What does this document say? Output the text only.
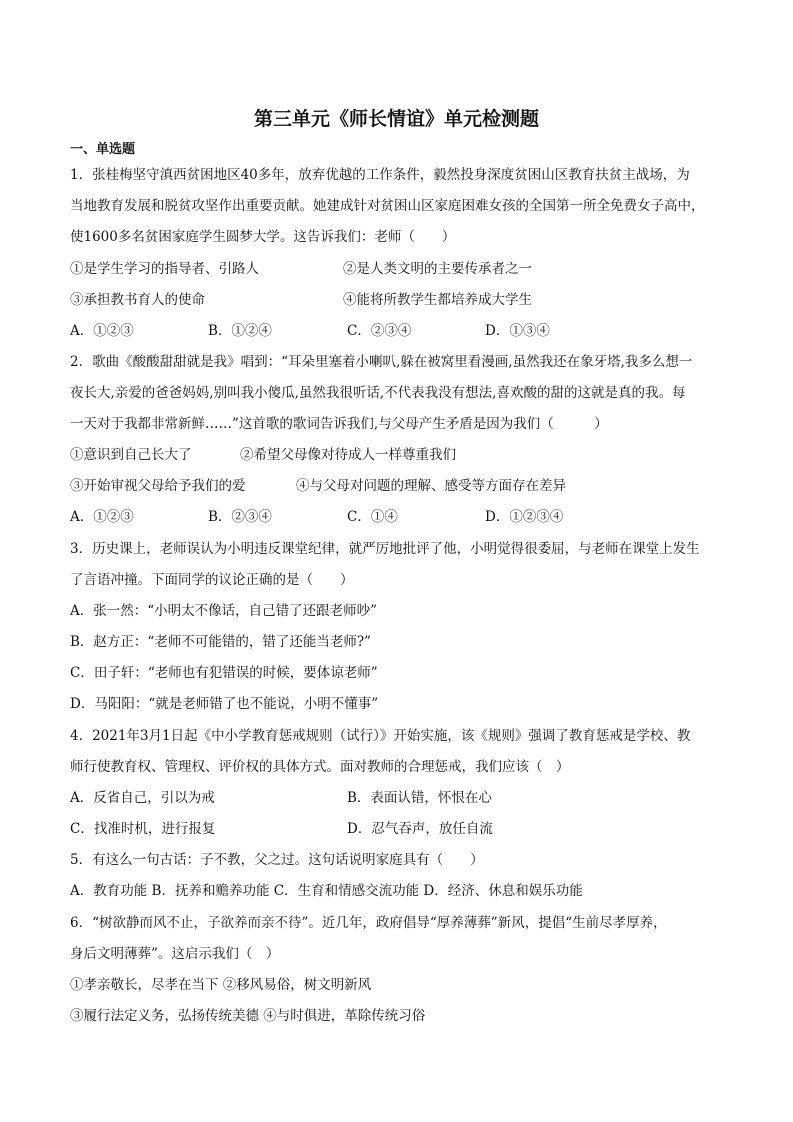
第三单元《师长情谊》单元检测题
一、单选题
1．张桂梅坚守滇西贫困地区40多年，放弃优越的工作条件，毅然投身深度贫困山区教育扶贫主战场，为
当地教育发展和脱贫攻坚作出重要贡献。她建成针对贫困山区家庭困难女孩的全国第一所全免费女子高中，
使1600多名贫困家庭学生圆梦大学。这告诉我们：老师（　　）
①是学生学习的指导者、引路人	②是人类文明的主要传承者之一
③承担教书育人的使命	④能将所教学生都培养成大学生
A．①②③	B．①②④	C．②③④	D．①③④
2．歌曲《酸酸甜甜就是我》唱到：“耳朵里塞着小喇叭,躲在被窝里看漫画,虽然我还在象牙塔,我多么想一
夜长大,亲爱的爸爸妈妈,别叫我小傻瓜,虽然我很听话,不代表我没有想法,喜欢酸的甜的这就是真的我。每
一天对于我都非常新鲜……”这首歌的歌词告诉我们,与父母产生矛盾是因为我们（　　　）
①意识到自己长大了	②希望父母像对待成人一样尊重我们
③开始审视父母给予我们的爱	④与父母对问题的理解、感受等方面存在差异
A．①②③	B．②③④	C．①④	D．①②③④
3．历史课上，老师误认为小明违反课堂纪律，就严厉地批评了他，小明觉得很委屈，与老师在课堂上发生
了言语冲撞。下面同学的议论正确的是（　　）
A．张一然：“小明太不像话，自己错了还跟老师吵”
B．赵方正：“老师不可能错的，错了还能当老师?”
C．田子轩：“老师也有犯错误的时候，要体谅老师”
D．马阳阳：“就是老师错了也不能说，小明不懂事”
4．2021年3月1日起《中小学教育惩戒规则（试行）》开始实施，该《规则》强调了教育惩戒是学校、教
师行使教育权、管理权、评价权的具体方式。面对教师的合理惩戒，我们应该（　）
A．反省自己，引以为戒	B．表面认错，怀恨在心
C．找准时机，进行报复	D．忍气吞声，放任自流
5．有这么一句古话：子不教，父之过。这句话说明家庭具有（　　）
A．教育功能 B．抚养和赡养功能 C．生育和情感交流功能 D．经济、休息和娱乐功能
6．“树欲静而风不止，子欲养而亲不待”。近几年，政府倡导“厚养薄葬”新风，提倡“生前尽孝厚养，
身后文明薄葬”。这启示我们（　）
①孝亲敬长，尽孝在当下 ②移风易俗，树文明新风
③履行法定义务，弘扬传统美德 ④与时俱进，革除传统习俗
